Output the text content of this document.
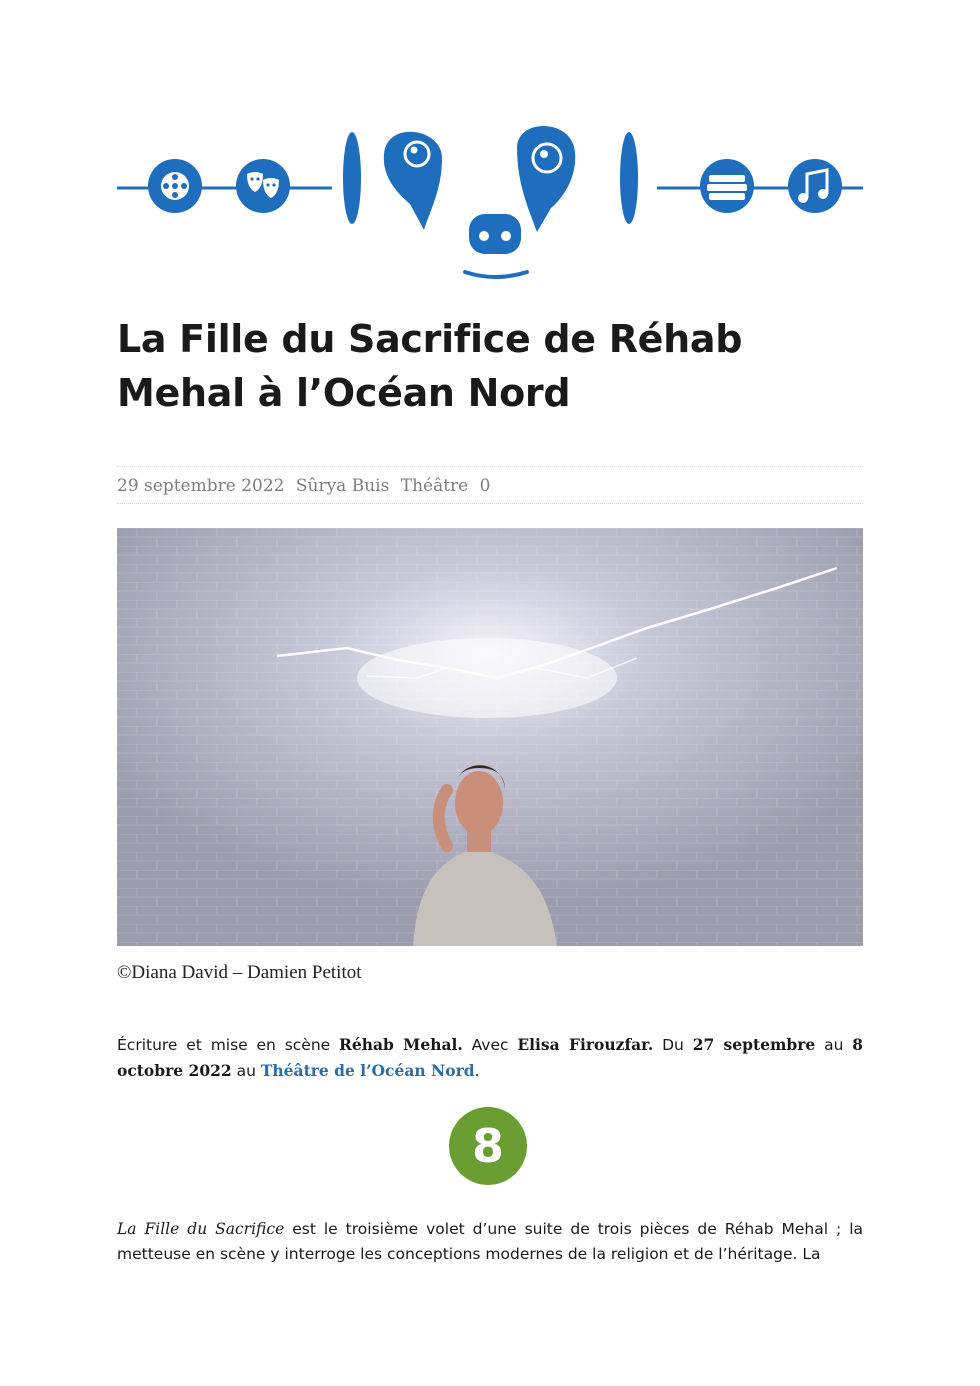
La Fille du Sacrifice de Réhab Mehal à l’Océan Nord
29 septembre 2022 Sûrya Buis Théâtre 0

©Diana David – Damien Petitot

Écriture et mise en scène Réhab Mehal. Avec Elisa Firouzfar. Du 27 septembre au 8 octobre 2022 au Théâtre de l’Océan Nord.

8

La Fille du Sacrifice est le troisième volet d’une suite de trois pièces de Réhab Mehal ; la metteuse en scène y interroge les conceptions modernes de la religion et de l’héritage. La
